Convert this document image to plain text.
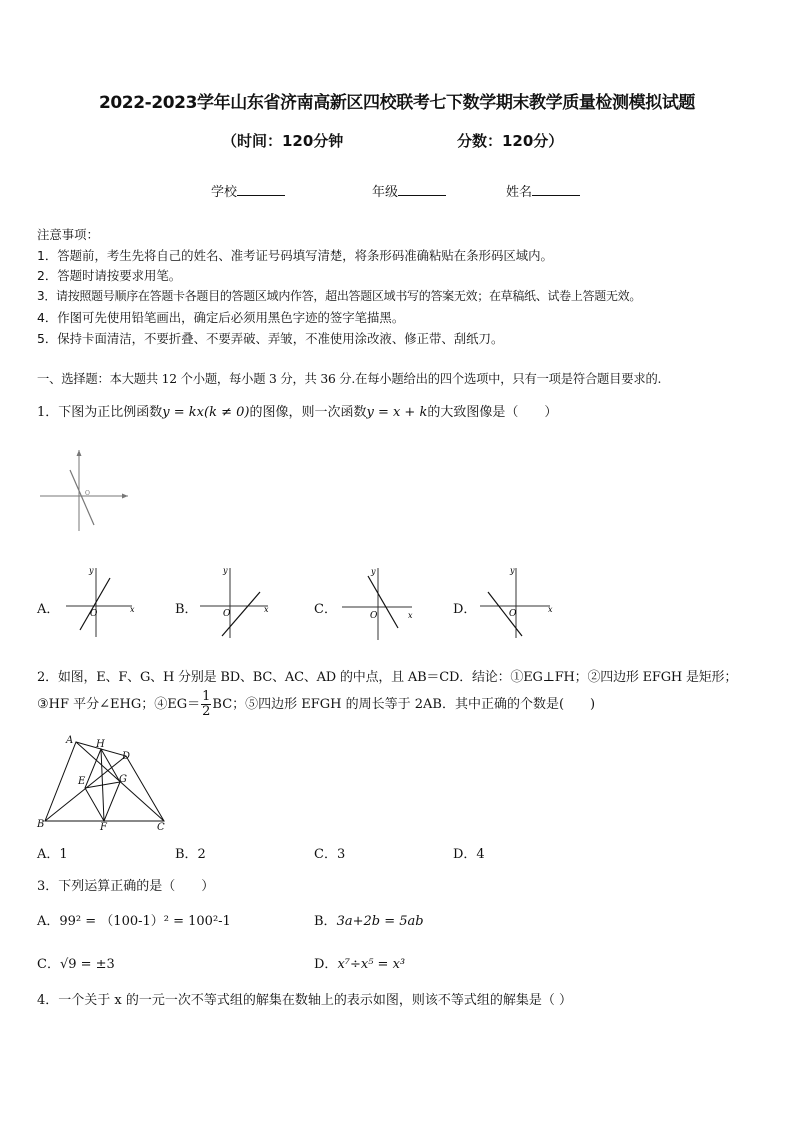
2022-2023学年山东省济南高新区四校联考七下数学期末教学质量检测模拟试题
（时间：120分钟	分数：120分）
学校	年级	姓名
注意事项：
1．答题前，考生先将自己的姓名、准考证号码填写清楚，将条形码准确粘贴在条形码区域内。
2．答题时请按要求用笔。
3．请按照题号顺序在答题卡各题目的答题区域内作答，超出答题区域书写的答案无效；在草稿纸、试卷上答题无效。
4．作图可先使用铅笔画出，确定后必须用黑色字迹的签字笔描黑。
5．保持卡面清洁，不要折叠、不要弄破、弄皱，不准使用涂改液、修正带、刮纸刀。
一、选择题：本大题共 12 个小题，每小题 3 分，共 36 分.在每小题给出的四个选项中，只有一项是符合题目要求的.
1．下图为正比例函数y = kx(k ≠ 0)的图像，则一次函数y = x + k的大致图像是（　　）
O
A．
y
x
O	B．
y
x
O	C．
y
x
O	D．
y
x
O
2．如图，E、F、G、H 分别是 BD、BC、AC、AD 的中点，且 AB＝CD．结论：①EG⊥FH；②四边形 EFGH 是矩形；
③HF 平分∠EHG；④EG＝ $\frac{1}{2}$ BC；⑤四边形 EFGH 的周长等于 2AB．其中正确的个数是(　　)
A H
D
E	G
B	F	C
A．1	B．2	C．3	D．4
3．下列运算正确的是（　　）
A．99² = （100-1）² = 100²-1	B．3a+2b = 5ab
C．√9 = ±3	D．x⁷÷x⁵ = x³
4．一个关于 x 的一元一次不等式组的解集在数轴上的表示如图，则该不等式组的解集是（ ）
